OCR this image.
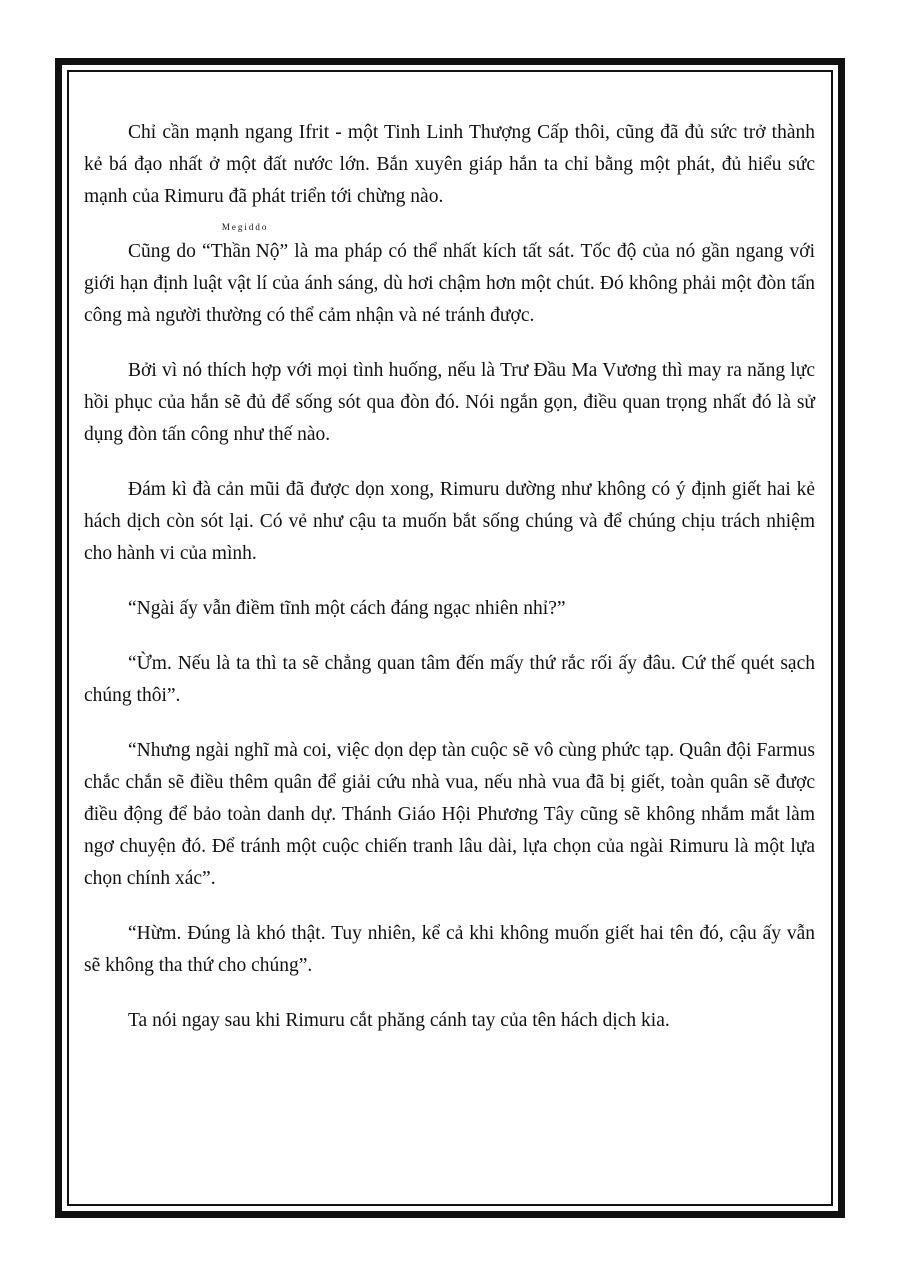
Chỉ cần mạnh ngang Ifrit - một Tinh Linh Thượng Cấp thôi, cũng đã đủ sức trở thành kẻ bá đạo nhất ở một đất nước lớn. Bắn xuyên giáp hắn ta chỉ bằng một phát, đủ hiểu sức mạnh của Rimuru đã phát triển tới chừng nào.

Cũng do “
Megiddo
Thần Nộ” là ma pháp có thể nhất kích tất sát. Tốc độ của nó gần ngang với giới hạn định luật vật lí của ánh sáng, dù hơi chậm hơn một chút. Đó không phải một đòn tấn công mà người thường có thể cảm nhận và né tránh được.

Bởi vì nó thích hợp với mọi tình huống, nếu là Trư Đầu Ma Vương thì may ra năng lực hồi phục của hắn sẽ đủ để sống sót qua đòn đó. Nói ngắn gọn, điều quan trọng nhất đó là sử dụng đòn tấn công như thế nào.

Đám kì đà cản mũi đã được dọn xong, Rimuru dường như không có ý định giết hai kẻ hách dịch còn sót lại. Có vẻ như cậu ta muốn bắt sống chúng và để chúng chịu trách nhiệm cho hành vi của mình.

“Ngài ấy vẫn điềm tĩnh một cách đáng ngạc nhiên nhỉ?”

“Ừm. Nếu là ta thì ta sẽ chẳng quan tâm đến mấy thứ rắc rối ấy đâu. Cứ thế quét sạch chúng thôi”.

“Nhưng ngài nghĩ mà coi, việc dọn dẹp tàn cuộc sẽ vô cùng phức tạp. Quân đội Farmus chắc chắn sẽ điều thêm quân để giải cứu nhà vua, nếu nhà vua đã bị giết, toàn quân sẽ được điều động để bảo toàn danh dự. Thánh Giáo Hội Phương Tây cũng sẽ không nhắm mắt làm ngơ chuyện đó. Để tránh một cuộc chiến tranh lâu dài, lựa chọn của ngài Rimuru là một lựa chọn chính xác”.

“Hừm. Đúng là khó thật. Tuy nhiên, kể cả khi không muốn giết hai tên đó, cậu ấy vẫn sẽ không tha thứ cho chúng”.

Ta nói ngay sau khi Rimuru cắt phăng cánh tay của tên hách dịch kia.
